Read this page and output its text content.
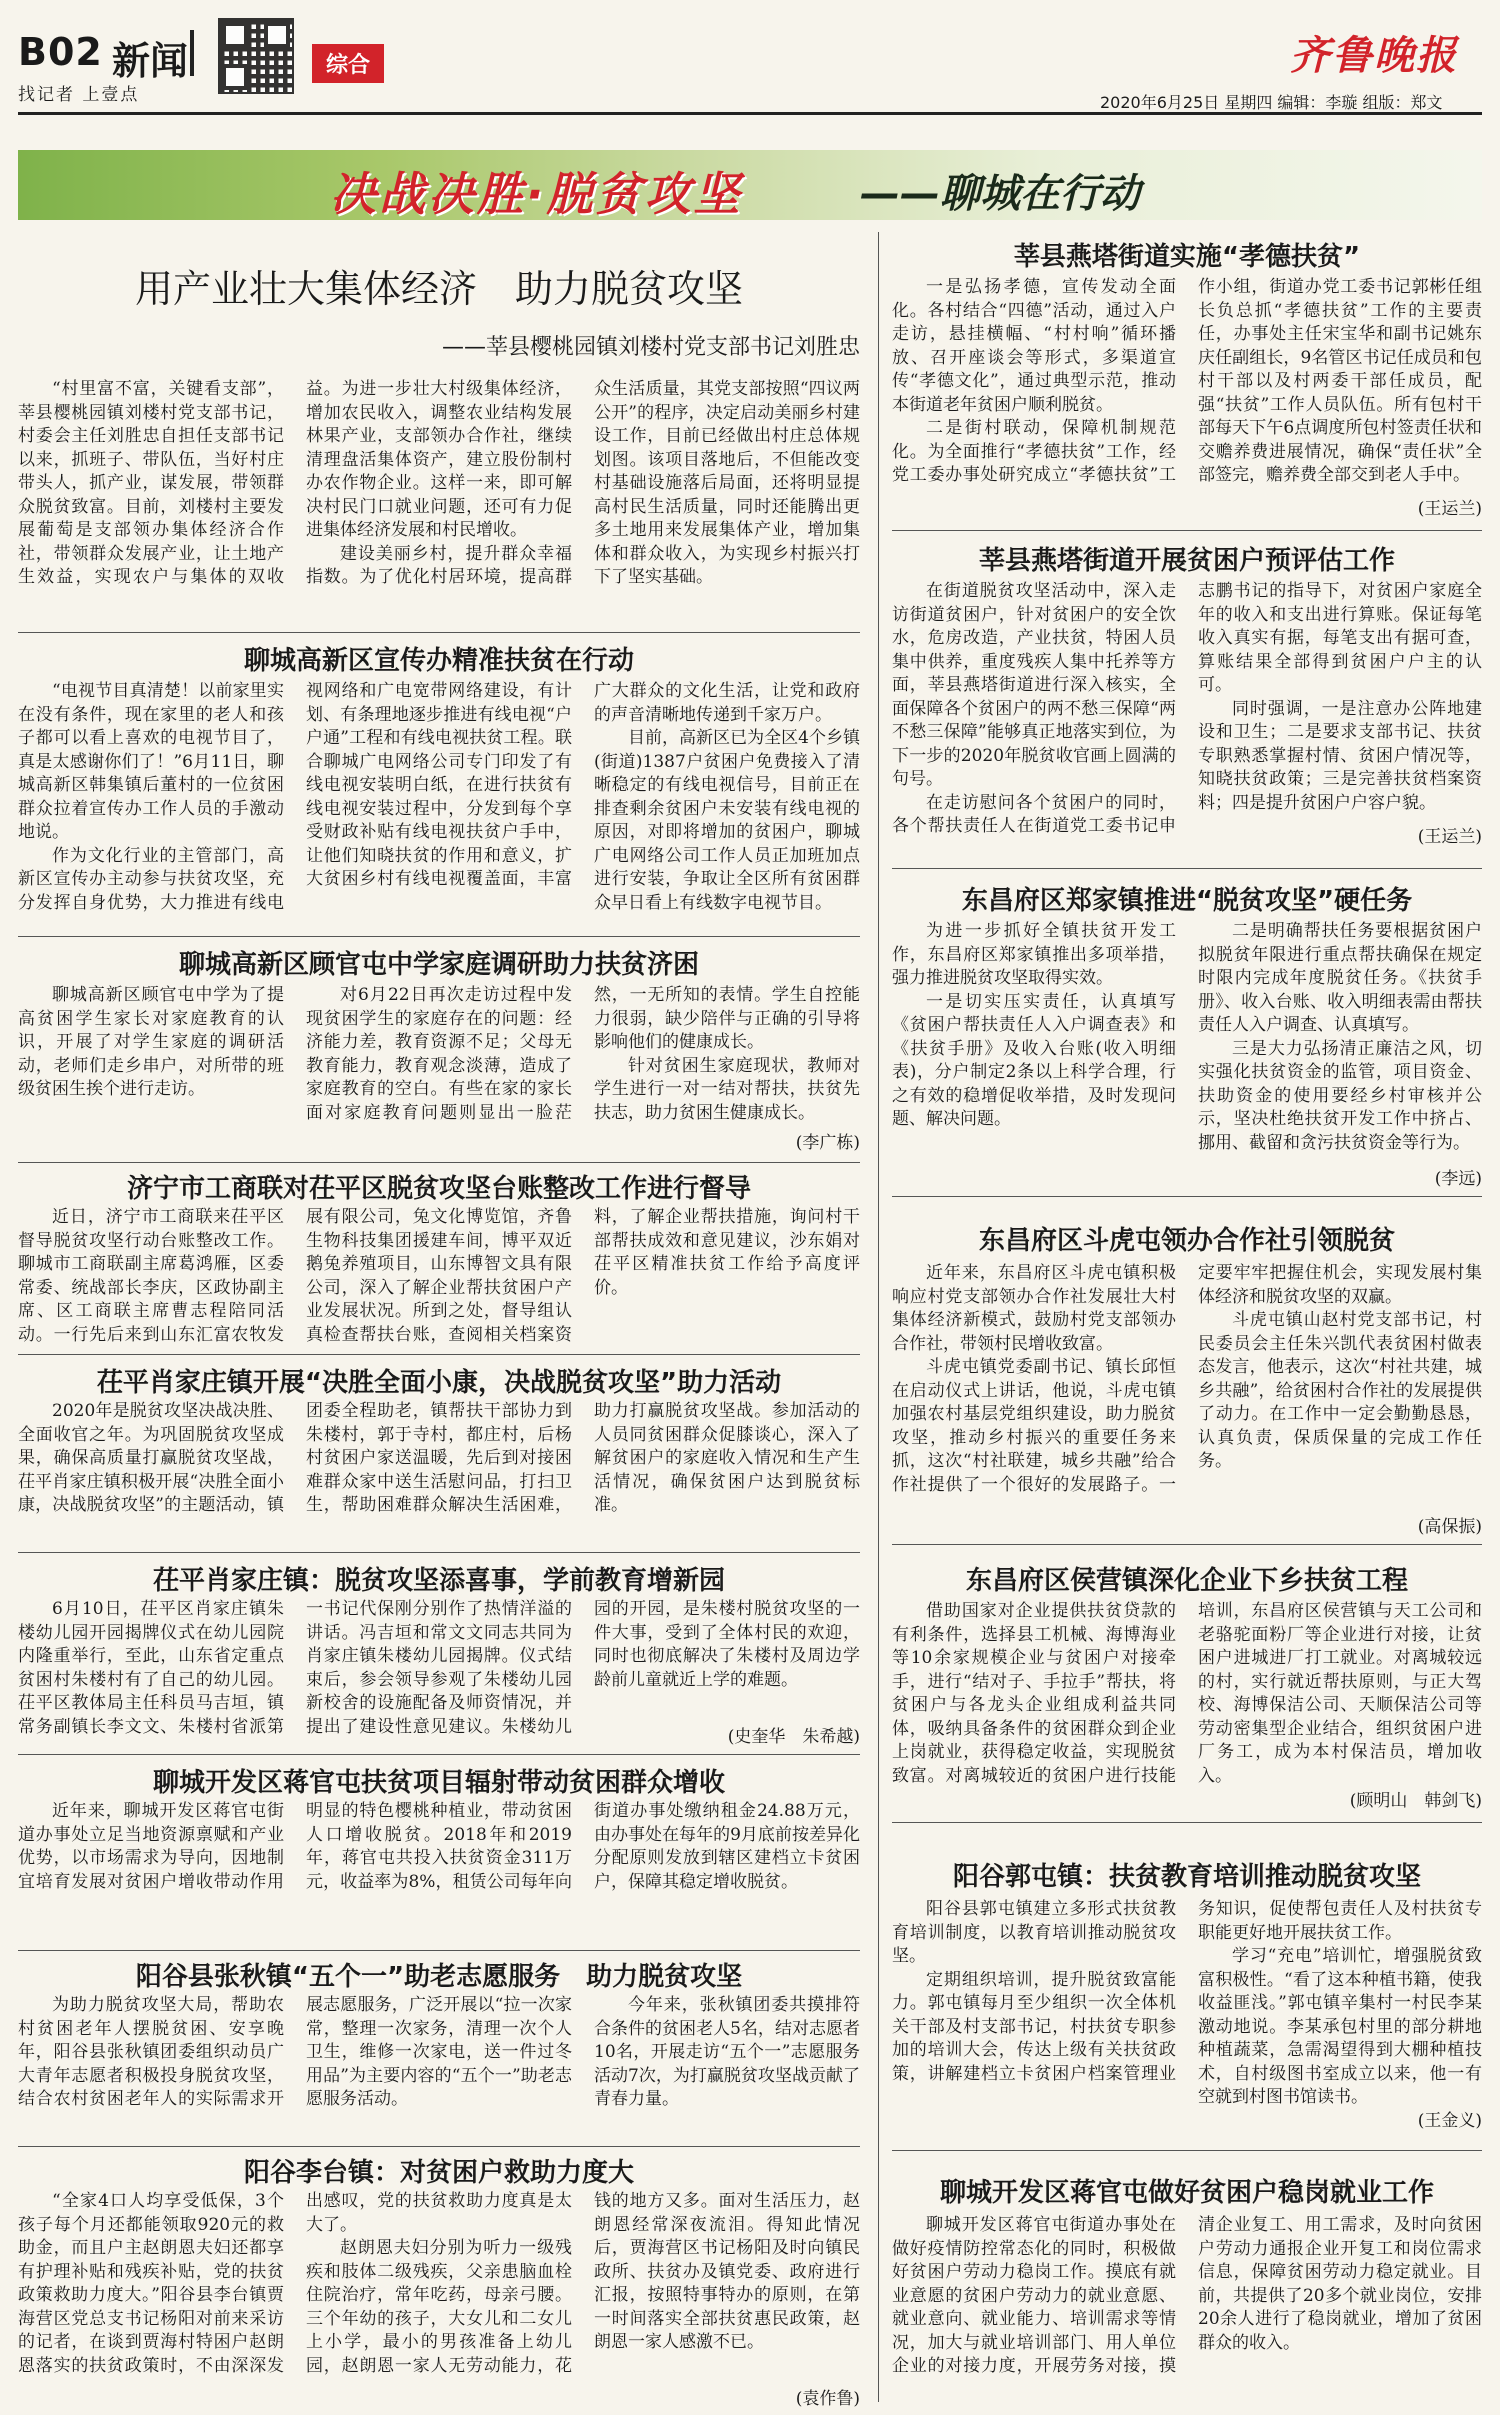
B02 新闻
找记者 上壹点
综合	齐鲁晚报
2020年6月25日 星期四 编辑：李璇 组版：郑文
决战决胜·脱贫攻坚	——聊城在行动
用产业壮大集体经济　助力脱贫攻坚
——莘县樱桃园镇刘楼村党支部书记刘胜忠

“村里富不富，关键看支部”，莘县樱桃园镇刘楼村党支部书记，村委会主任刘胜忠自担任支部书记以来，抓班子、带队伍，当好村庄带头人，抓产业，谋发展，带领群众脱贫致富。目前，刘楼村主要发展葡萄是支部领办集体经济合作社，带领群众发展产业，让土地产生效益，实现农户与集体的双收益。为进一步壮大村级集体经济，增加农民收入，调整农业结构发展林果产业，支部领办合作社，继续清理盘活集体资产，建立股份制村办农作物企业。这样一来，即可解决村民门口就业问题，还可有力促进集体经济发展和村民增收。

建设美丽乡村，提升群众幸福指数。为了优化村居环境，提高群众生活质量，其党支部按照“四议两公开”的程序，决定启动美丽乡村建设工作，目前已经做出村庄总体规划图。该项目落地后，不但能改变村基础设施落后局面，还将明显提高村民生活质量，同时还能腾出更多土地用来发展集体产业，增加集体和群众收入，为实现乡村振兴打下了坚实基础。

聊城高新区宣传办精准扶贫在行动

“电视节目真清楚！以前家里实在没有条件，现在家里的老人和孩子都可以看上喜欢的电视节目了，真是太感谢你们了！”6月11日，聊城高新区韩集镇后董村的一位贫困群众拉着宣传办工作人员的手激动地说。

作为文化行业的主管部门，高新区宣传办主动参与扶贫攻坚，充分发挥自身优势，大力推进有线电视网络和广电宽带网络建设，有计划、有条理地逐步推进有线电视“户户通”工程和有线电视扶贫工程。联合聊城广电网络公司专门印发了有线电视安装明白纸，在进行扶贫有线电视安装过程中，分发到每个享受财政补贴有线电视扶贫户手中，让他们知晓扶贫的作用和意义，扩大贫困乡村有线电视覆盖面，丰富广大群众的文化生活，让党和政府的声音清晰地传递到千家万户。

目前，高新区已为全区4个乡镇(街道)1387户贫困户免费接入了清晰稳定的有线电视信号，目前正在排查剩余贫困户未安装有线电视的原因，对即将增加的贫困户，聊城广电网络公司工作人员正加班加点进行安装，争取让全区所有贫困群众早日看上有线数字电视节目。

聊城高新区顾官屯中学家庭调研助力扶贫济困

聊城高新区顾官屯中学为了提高贫困学生家长对家庭教育的认识，开展了对学生家庭的调研活动，老师们走乡串户，对所带的班级贫困生挨个进行走访。

对6月22日再次走访过程中发现贫困学生的家庭存在的问题：经济能力差，教育资源不足；父母无教育能力，教育观念淡薄，造成了家庭教育的空白。有些在家的家长面对家庭教育问题则显出一脸茫然，一无所知的表情。学生自控能力很弱，缺少陪伴与正确的引导将影响他们的健康成长。

针对贫困生家庭现状，教师对学生进行一对一结对帮扶，扶贫先扶志，助力贫困生健康成长。

(李广栋)
济宁市工商联对茌平区脱贫攻坚台账整改工作进行督导

近日，济宁市工商联来茌平区督导脱贫攻坚行动台账整改工作。聊城市工商联副主席葛鸿雁，区委常委、统战部长李庆，区政协副主席、区工商联主席曹志程陪同活动。一行先后来到山东汇富农牧发展有限公司，兔文化博览馆，齐鲁生物科技集团援建车间，博平双近鹅兔养殖项目，山东博智文具有限公司，深入了解企业帮扶贫困户产业发展状况。所到之处，督导组认真检查帮扶台账，查阅相关档案资料，了解企业帮扶措施，询问村干部帮扶成效和意见建议，沙东娟对茌平区精准扶贫工作给予高度评价。

茌平肖家庄镇开展“决胜全面小康，决战脱贫攻坚”助力活动

2020年是脱贫攻坚决战决胜、全面收官之年。为巩固脱贫攻坚成果，确保高质量打赢脱贫攻坚战，茌平肖家庄镇积极开展“决胜全面小康，决战脱贫攻坚”的主题活动，镇团委全程助老，镇帮扶干部协力到朱楼村，郭于寺村，都庄村，后杨村贫困户家送温暖，先后到对接困难群众家中送生活慰问品，打扫卫生，帮助困难群众解决生活困难，助力打赢脱贫攻坚战。参加活动的人员同贫困群众促膝谈心，深入了解贫困户的家庭收入情况和生产生活情况，确保贫困户达到脱贫标准。

茌平肖家庄镇：脱贫攻坚添喜事，学前教育增新园

6月10日，茌平区肖家庄镇朱楼幼儿园开园揭牌仪式在幼儿园院内隆重举行，至此，山东省定重点贫困村朱楼村有了自己的幼儿园。茌平区教体局主任科员马吉垣，镇常务副镇长李文文、朱楼村省派第一书记代保刚分别作了热情洋溢的讲话。冯吉垣和常文文同志共同为肖家庄镇朱楼幼儿园揭牌。仪式结束后，参会领导参观了朱楼幼儿园新校舍的设施配备及师资情况，并提出了建设性意见建议。朱楼幼儿园的开园，是朱楼村脱贫攻坚的一件大事，受到了全体村民的欢迎，同时也彻底解决了朱楼村及周边学龄前儿童就近上学的难题。

(史奎华　朱希越)
聊城开发区蒋官屯扶贫项目辐射带动贫困群众增收

近年来，聊城开发区蒋官屯街道办事处立足当地资源禀赋和产业优势，以市场需求为导向，因地制宜培育发展对贫困户增收带动作用明显的特色樱桃种植业，带动贫困人口增收脱贫。2018年和2019年，蒋官屯共投入扶贫资金311万元，收益率为8%，租赁公司每年向街道办事处缴纳租金24.88万元，由办事处在每年的9月底前按差异化分配原则发放到辖区建档立卡贫困户，保障其稳定增收脱贫。

阳谷县张秋镇“五个一”助老志愿服务　助力脱贫攻坚

为助力脱贫攻坚大局，帮助农村贫困老年人摆脱贫困、安享晚年，阳谷县张秋镇团委组织动员广大青年志愿者积极投身脱贫攻坚，结合农村贫困老年人的实际需求开展志愿服务，广泛开展以“拉一次家常，整理一次家务，清理一次个人卫生，维修一次家电，送一件过冬用品”为主要内容的“五个一”助老志愿服务活动。

今年来，张秋镇团委共摸排符合条件的贫困老人5名，结对志愿者10名，开展走访“五个一”志愿服务活动7次，为打赢脱贫攻坚战贡献了青春力量。

阳谷李台镇：对贫困户救助力度大

“全家4口人均享受低保，3个孩子每个月还都能领取920元的救助金，而且户主赵朗恩夫妇还都享有护理补贴和残疾补贴，党的扶贫政策救助力度大。”阳谷县李台镇贾海营区党总支书记杨阳对前来采访的记者，在谈到贾海村特困户赵朗恩落实的扶贫政策时，不由深深发出感叹，党的扶贫救助力度真是太大了。

赵朗恩夫妇分别为听力一级残疾和肢体二级残疾，父亲患脑血栓住院治疗，常年吃药，母亲弓腰。三个年幼的孩子，大女儿和二女儿上小学，最小的男孩准备上幼儿园，赵朗恩一家人无劳动能力，花钱的地方又多。面对生活压力，赵朗恩经常深夜流泪。得知此情况后，贾海营区书记杨阳及时向镇民政所、扶贫办及镇党委、政府进行汇报，按照特事特办的原则，在第一时间落实全部扶贫惠民政策，赵朗恩一家人感激不已。

(袁作鲁)
莘县燕塔街道实施“孝德扶贫”

一是弘扬孝德，宣传发动全面化。各村结合“四德”活动，通过入户走访，悬挂横幅、“村村响”循环播放、召开座谈会等形式，多渠道宣传“孝德文化”，通过典型示范，推动本街道老年贫困户顺利脱贫。

二是街村联动，保障机制规范化。为全面推行“孝德扶贫”工作，经党工委办事处研究成立“孝德扶贫”工作小组，街道办党工委书记郭彬任组长负总抓“孝德扶贫”工作的主要责任，办事处主任宋宝华和副书记姚东庆任副组长，9名管区书记任成员和包村干部以及村两委干部任成员，配强“扶贫”工作人员队伍。所有包村干部每天下午6点调度所包村签责任状和交赡养费进展情况，确保“责任状”全部签完，赡养费全部交到老人手中。

(王运兰)
莘县燕塔街道开展贫困户预评估工作

在街道脱贫攻坚活动中，深入走访街道贫困户，针对贫困户的安全饮水，危房改造，产业扶贫，特困人员集中供养，重度残疾人集中托养等方面，莘县燕塔街道进行深入核实，全面保障各个贫困户的两不愁三保障“两不愁三保障”能够真正地落实到位，为下一步的2020年脱贫收官画上圆满的句号。

在走访慰问各个贫困户的同时，各个帮扶责任人在街道党工委书记申志鹏书记的指导下，对贫困户家庭全年的收入和支出进行算账。保证每笔收入真实有据，每笔支出有据可查，算账结果全部得到贫困户户主的认可。

同时强调，一是注意办公阵地建设和卫生；二是要求支部书记、扶贫专职熟悉掌握村情、贫困户情况等，知晓扶贫政策；三是完善扶贫档案资料；四是提升贫困户户容户貌。

(王运兰)
东昌府区郑家镇推进“脱贫攻坚”硬任务

为进一步抓好全镇扶贫开发工作，东昌府区郑家镇推出多项举措，强力推进脱贫攻坚取得实效。

一是切实压实责任，认真填写《贫困户帮扶责任人入户调查表》和《扶贫手册》及收入台账(收入明细表)，分户制定2条以上科学合理，行之有效的稳增促收举措，及时发现问题、解决问题。

二是明确帮扶任务要根据贫困户拟脱贫年限进行重点帮扶确保在规定时限内完成年度脱贫任务。《扶贫手册》、收入台账、收入明细表需由帮扶责任人入户调查、认真填写。

三是大力弘扬清正廉洁之风，切实强化扶贫资金的监管，项目资金、扶助资金的使用要经乡村审核并公示，坚决杜绝扶贫开发工作中挤占、挪用、截留和贪污扶贫资金等行为。

(李远)
东昌府区斗虎屯领办合作社引领脱贫

近年来，东昌府区斗虎屯镇积极响应村党支部领办合作社发展壮大村集体经济新模式，鼓励村党支部领办合作社，带领村民增收致富。

斗虎屯镇党委副书记、镇长邱恒在启动仪式上讲话，他说，斗虎屯镇加强农村基层党组织建设，助力脱贫攻坚，推动乡村振兴的重要任务来抓，这次“村社联建，城乡共融”给合作社提供了一个很好的发展路子。一定要牢牢把握住机会，实现发展村集体经济和脱贫攻坚的双赢。

斗虎屯镇山赵村党支部书记，村民委员会主任朱兴凯代表贫困村做表态发言，他表示，这次“村社共建，城乡共融”，给贫困村合作社的发展提供了动力。在工作中一定会勤勤恳恳，认真负责，保质保量的完成工作任务。

(高保振)
东昌府区侯营镇深化企业下乡扶贫工程

借助国家对企业提供扶贫贷款的有利条件，选择县工机械、海博海业等10余家规模企业与贫困户对接牵手，进行“结对子、手拉手”帮扶，将贫困户与各龙头企业组成利益共同体，吸纳具备条件的贫困群众到企业上岗就业，获得稳定收益，实现脱贫致富。对离城较近的贫困户进行技能培训，东昌府区侯营镇与天工公司和老骆驼面粉厂等企业进行对接，让贫困户进城进厂打工就业。对离城较远的村，实行就近帮扶原则，与正大驾校、海博保洁公司、天顺保洁公司等劳动密集型企业结合，组织贫困户进厂务工，成为本村保洁员，增加收入。

(顾明山　韩剑飞)
阳谷郭屯镇：扶贫教育培训推动脱贫攻坚

阳谷县郭屯镇建立多形式扶贫教育培训制度，以教育培训推动脱贫攻坚。

定期组织培训，提升脱贫致富能力。郭屯镇每月至少组织一次全体机关干部及村支部书记，村扶贫专职参加的培训大会，传达上级有关扶贫政策，讲解建档立卡贫困户档案管理业务知识，促使帮包责任人及村扶贫专职能更好地开展扶贫工作。

学习“充电”培训忙，增强脱贫致富积极性。“看了这本种植书籍，使我收益匪浅。”郭屯镇辛集村一村民李某激动地说。李某承包村里的部分耕地种植蔬菜，急需渴望得到大棚种植技术，自村级图书室成立以来，他一有空就到村图书馆读书。

(王金义)
聊城开发区蒋官屯做好贫困户稳岗就业工作

聊城开发区蒋官屯街道办事处在做好疫情防控常态化的同时，积极做好贫困户劳动力稳岗工作。摸底有就业意愿的贫困户劳动力的就业意愿、就业意向、就业能力、培训需求等情况，加大与就业培训部门、用人单位企业的对接力度，开展劳务对接，摸清企业复工、用工需求，及时向贫困户劳动力通报企业开复工和岗位需求信息，保障贫困劳动力稳定就业。目前，共提供了20多个就业岗位，安排20余人进行了稳岗就业，增加了贫困群众的收入。
